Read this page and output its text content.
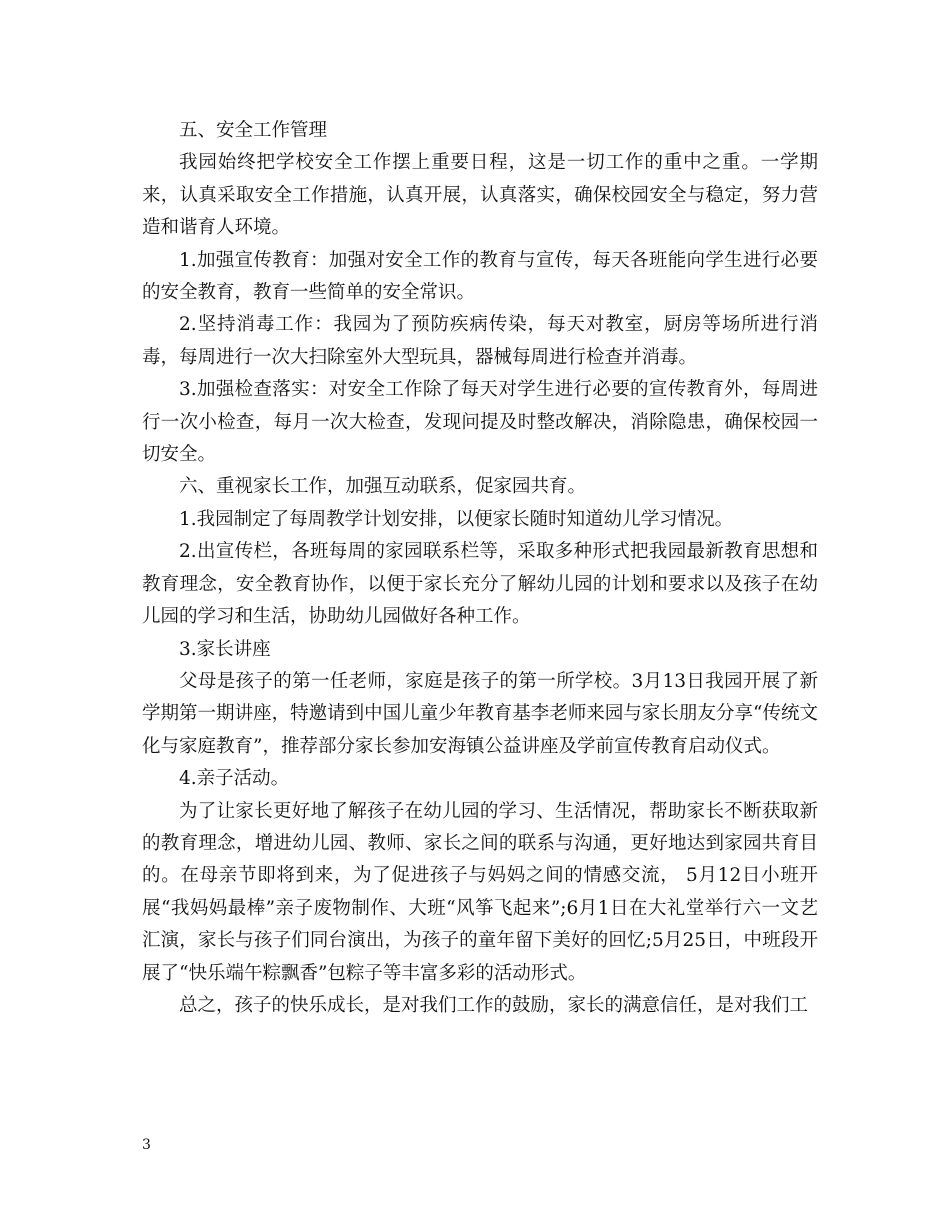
五、安全工作管理

我园始终把学校安全工作摆上重要日程，这是一切工作的重中之重。一学期来，认真采取安全工作措施，认真开展，认真落实，确保校园安全与稳定，努力营造和谐育人环境。

1.加强宣传教育：加强对安全工作的教育与宣传，每天各班能向学生进行必要的安全教育，教育一些简单的安全常识。

2.坚持消毒工作：我园为了预防疾病传染，每天对教室，厨房等场所进行消毒，每周进行一次大扫除室外大型玩具，器械每周进行检查并消毒。

3.加强检查落实：对安全工作除了每天对学生进行必要的宣传教育外，每周进行一次小检查，每月一次大检查，发现问提及时整改解决，消除隐患，确保校园一切安全。

六、重视家长工作，加强互动联系，促家园共育。

1.我园制定了每周教学计划安排，以便家长随时知道幼儿学习情况。

2.出宣传栏，各班每周的家园联系栏等，采取多种形式把我园最新教育思想和教育理念，安全教育协作，以便于家长充分了解幼儿园的计划和要求以及孩子在幼儿园的学习和生活，协助幼儿园做好各种工作。

3.家长讲座

父母是孩子的第一任老师，家庭是孩子的第一所学校。3月13日我园开展了新学期第一期讲座，特邀请到中国儿童少年教育基李老师来园与家长朋友分享“传统文化与家庭教育”，推荐部分家长参加安海镇公益讲座及学前宣传教育启动仪式。

4.亲子活动。

为了让家长更好地了解孩子在幼儿园的学习、生活情况，帮助家长不断获取新的教育理念，增进幼儿园、教师、家长之间的联系与沟通，更好地达到家园共育目的。在母亲节即将到来，为了促进孩子与妈妈之间的情感交流， 5月12日小班开展“我妈妈最棒”亲子废物制作、大班“风筝飞起来”;6月1日在大礼堂举行六一文艺汇演，家长与孩子们同台演出，为孩子的童年留下美好的回忆;5月25日，中班段开展了“快乐端午粽飘香”包粽子等丰富多彩的活动形式。

总之，孩子的快乐成长，是对我们工作的鼓励，家长的满意信任，是对我们工

3
